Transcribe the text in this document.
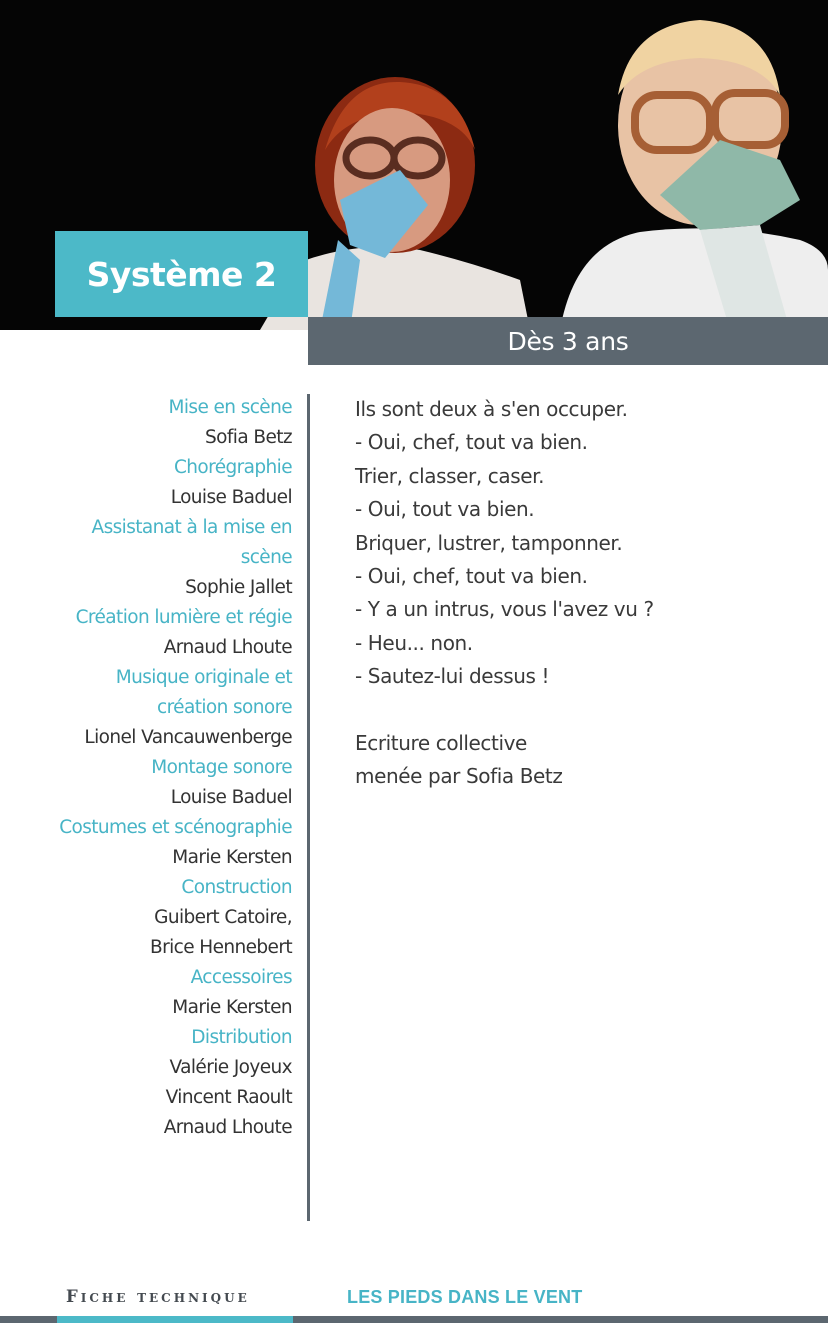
Système 2
Dès 3 ans
Mise en scène
Sofia Betz
Chorégraphie
Louise Baduel
Assistanat à la mise en
scène
Sophie Jallet
Création lumière et régie
Arnaud Lhoute
Musique originale et
création sonore
Lionel Vancauwenberge
Montage sonore
Louise Baduel
Costumes et scénographie
Marie Kersten
Construction
Guibert Catoire,
Brice Hennebert
Accessoires
Marie Kersten
Distribution
Valérie Joyeux
Vincent Raoult
Arnaud Lhoute
Ils sont deux à s'en occuper.
- Oui, chef, tout va bien.
Trier, classer, caser.
- Oui, tout va bien.
Briquer, lustrer, tamponner.
- Oui, chef, tout va bien.
- Y a un intrus, vous l'avez vu ?
- Heu... non.
- Sautez-lui dessus !
Ecriture collective
menée par Sofia Betz
Fiche technique	LES PIEDS DANS LE VENT
